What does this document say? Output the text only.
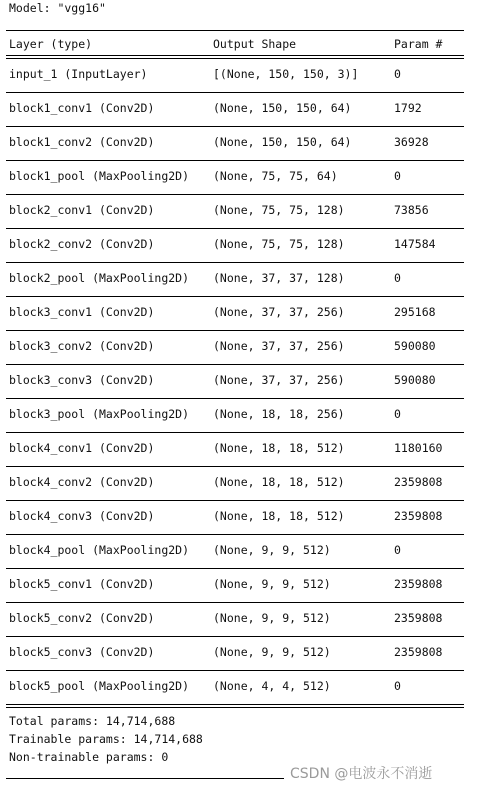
Model: "vgg16"
Layer (type)	Output Shape	Param #
input_1 (InputLayer)	[(None, 150, 150, 3)]	0
block1_conv1 (Conv2D)	(None, 150, 150, 64)	1792
block1_conv2 (Conv2D)	(None, 150, 150, 64)	36928
block1_pool (MaxPooling2D) (None, 75, 75, 64)	0
block2_conv1 (Conv2D)	(None, 75, 75, 128)	73856
block2_conv2 (Conv2D)	(None, 75, 75, 128)	147584
block2_pool (MaxPooling2D) (None, 37, 37, 128)	0
block3_conv1 (Conv2D)	(None, 37, 37, 256)	295168
block3_conv2 (Conv2D)	(None, 37, 37, 256)	590080
block3_conv3 (Conv2D)	(None, 37, 37, 256)	590080
block3_pool (MaxPooling2D) (None, 18, 18, 256)	0
block4_conv1 (Conv2D)	(None, 18, 18, 512)	1180160
block4_conv2 (Conv2D)	(None, 18, 18, 512)	2359808
block4_conv3 (Conv2D)	(None, 18, 18, 512)	2359808
block4_pool (MaxPooling2D) (None, 9, 9, 512)	0
block5_conv1 (Conv2D)	(None, 9, 9, 512)	2359808
block5_conv2 (Conv2D)	(None, 9, 9, 512)	2359808
block5_conv3 (Conv2D)	(None, 9, 9, 512)	2359808
block5_pool (MaxPooling2D) (None, 4, 4, 512)	0
Total params: 14,714,688
Trainable params: 14,714,688
Non-trainable params: 0
CSDN @电波永不消逝
